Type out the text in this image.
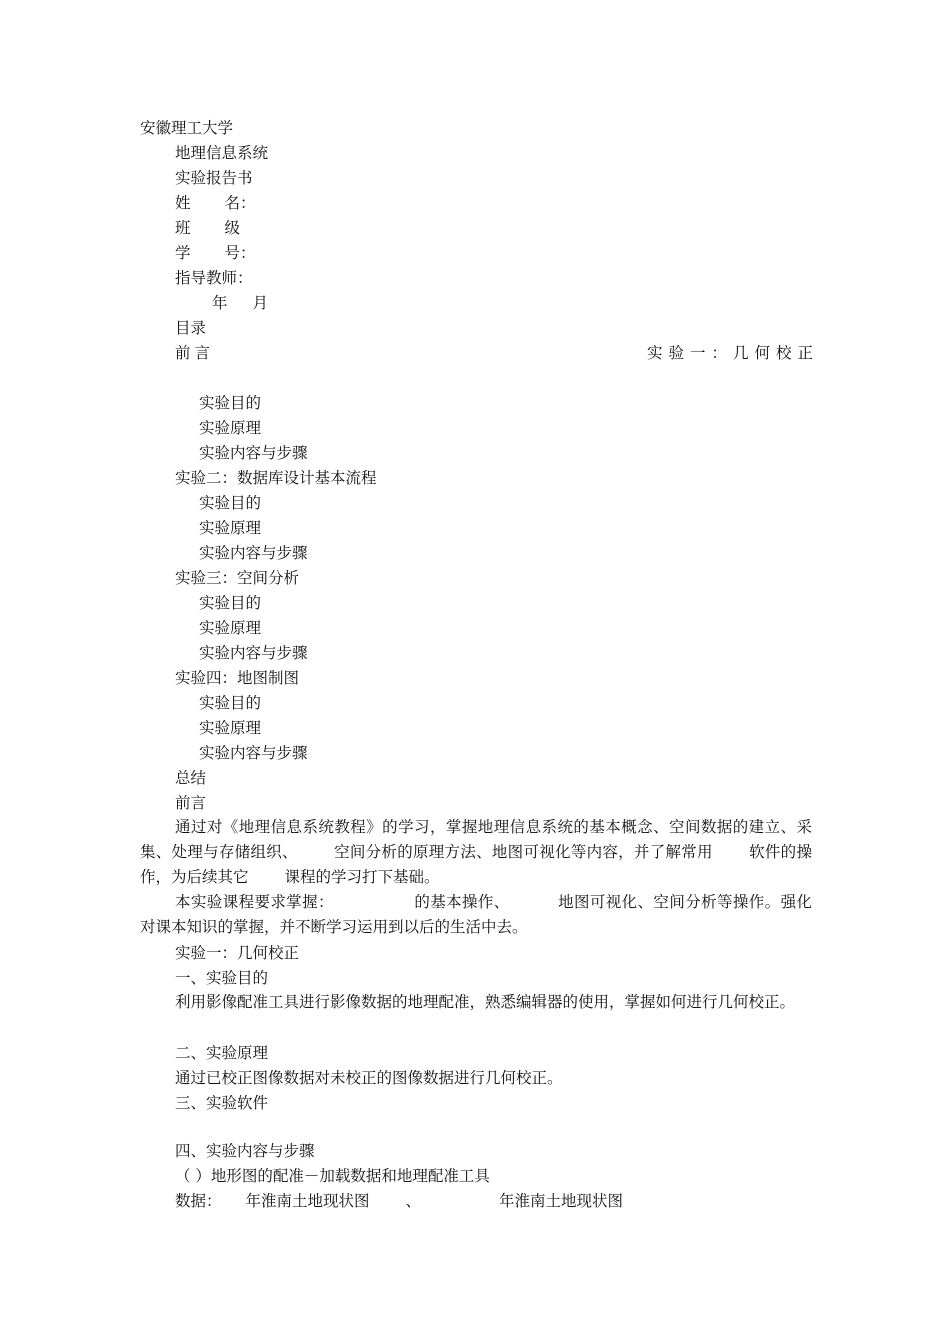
安徽理工大学
地理信息系统
实验报告书
姓 名：
班 级
学 号：
指导教师：
年 月
目录
前言	实验一：几何校正
实验目的
实验原理
实验内容与步骤
实验二：数据库设计基本流程
实验目的
实验原理
实验内容与步骤
实验三：空间分析
实验目的
实验原理
实验内容与步骤
实验四：地图制图
实验目的
实验原理
实验内容与步骤
总结
前言
通过对《地理信息系统教程》的学习，掌握地理信息系统的基本概念、空间数据的建立、采集、处理与存储组织、 空间分析的原理方法、地图可视化等内容，并了解常用 软件的操作，为后续其它 课程的学习打下基础。
本实验课程要求掌握：	的基本操作、	地图可视化、空间分析等操作。强化对课本知识的掌握，并不断学习运用到以后的生活中去。
实验一：几何校正
一、实验目的
利用影像配准工具进行影像数据的地理配准，熟悉编辑器的使用，掌握如何进行几何校正。
二、实验原理
通过已校正图像数据对未校正的图像数据进行几何校正。
三、实验软件
四、实验内容与步骤
（ ）地形图的配准－加载数据和地理配准工具
数据： 年淮南土地现状图 、	年淮南土地现状图
